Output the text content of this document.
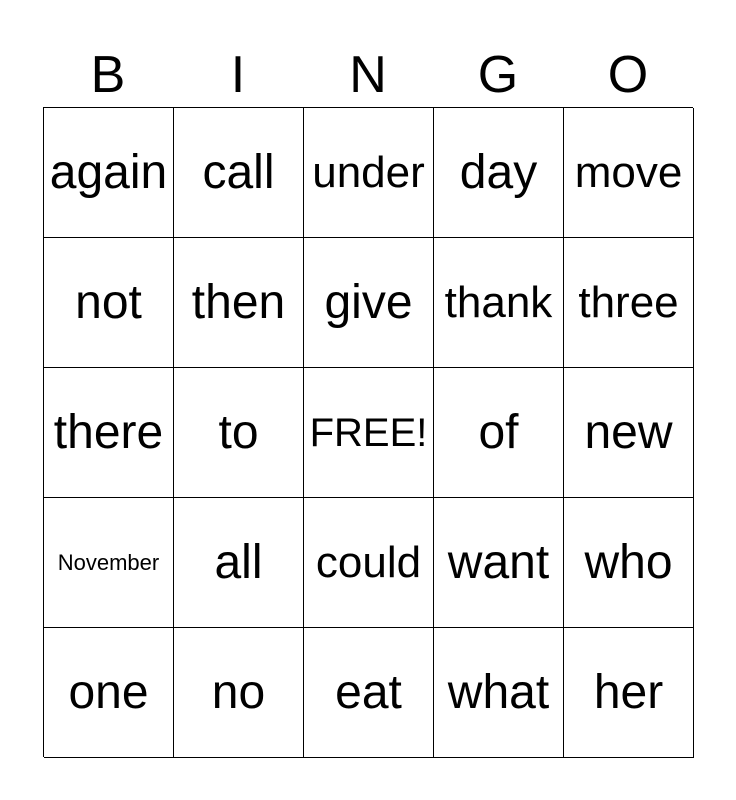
B	I	N	G	O
again call under day move
not	then give thank three
there	to	FREE!	of	new
November	all	could want who
one	no	eat what her
